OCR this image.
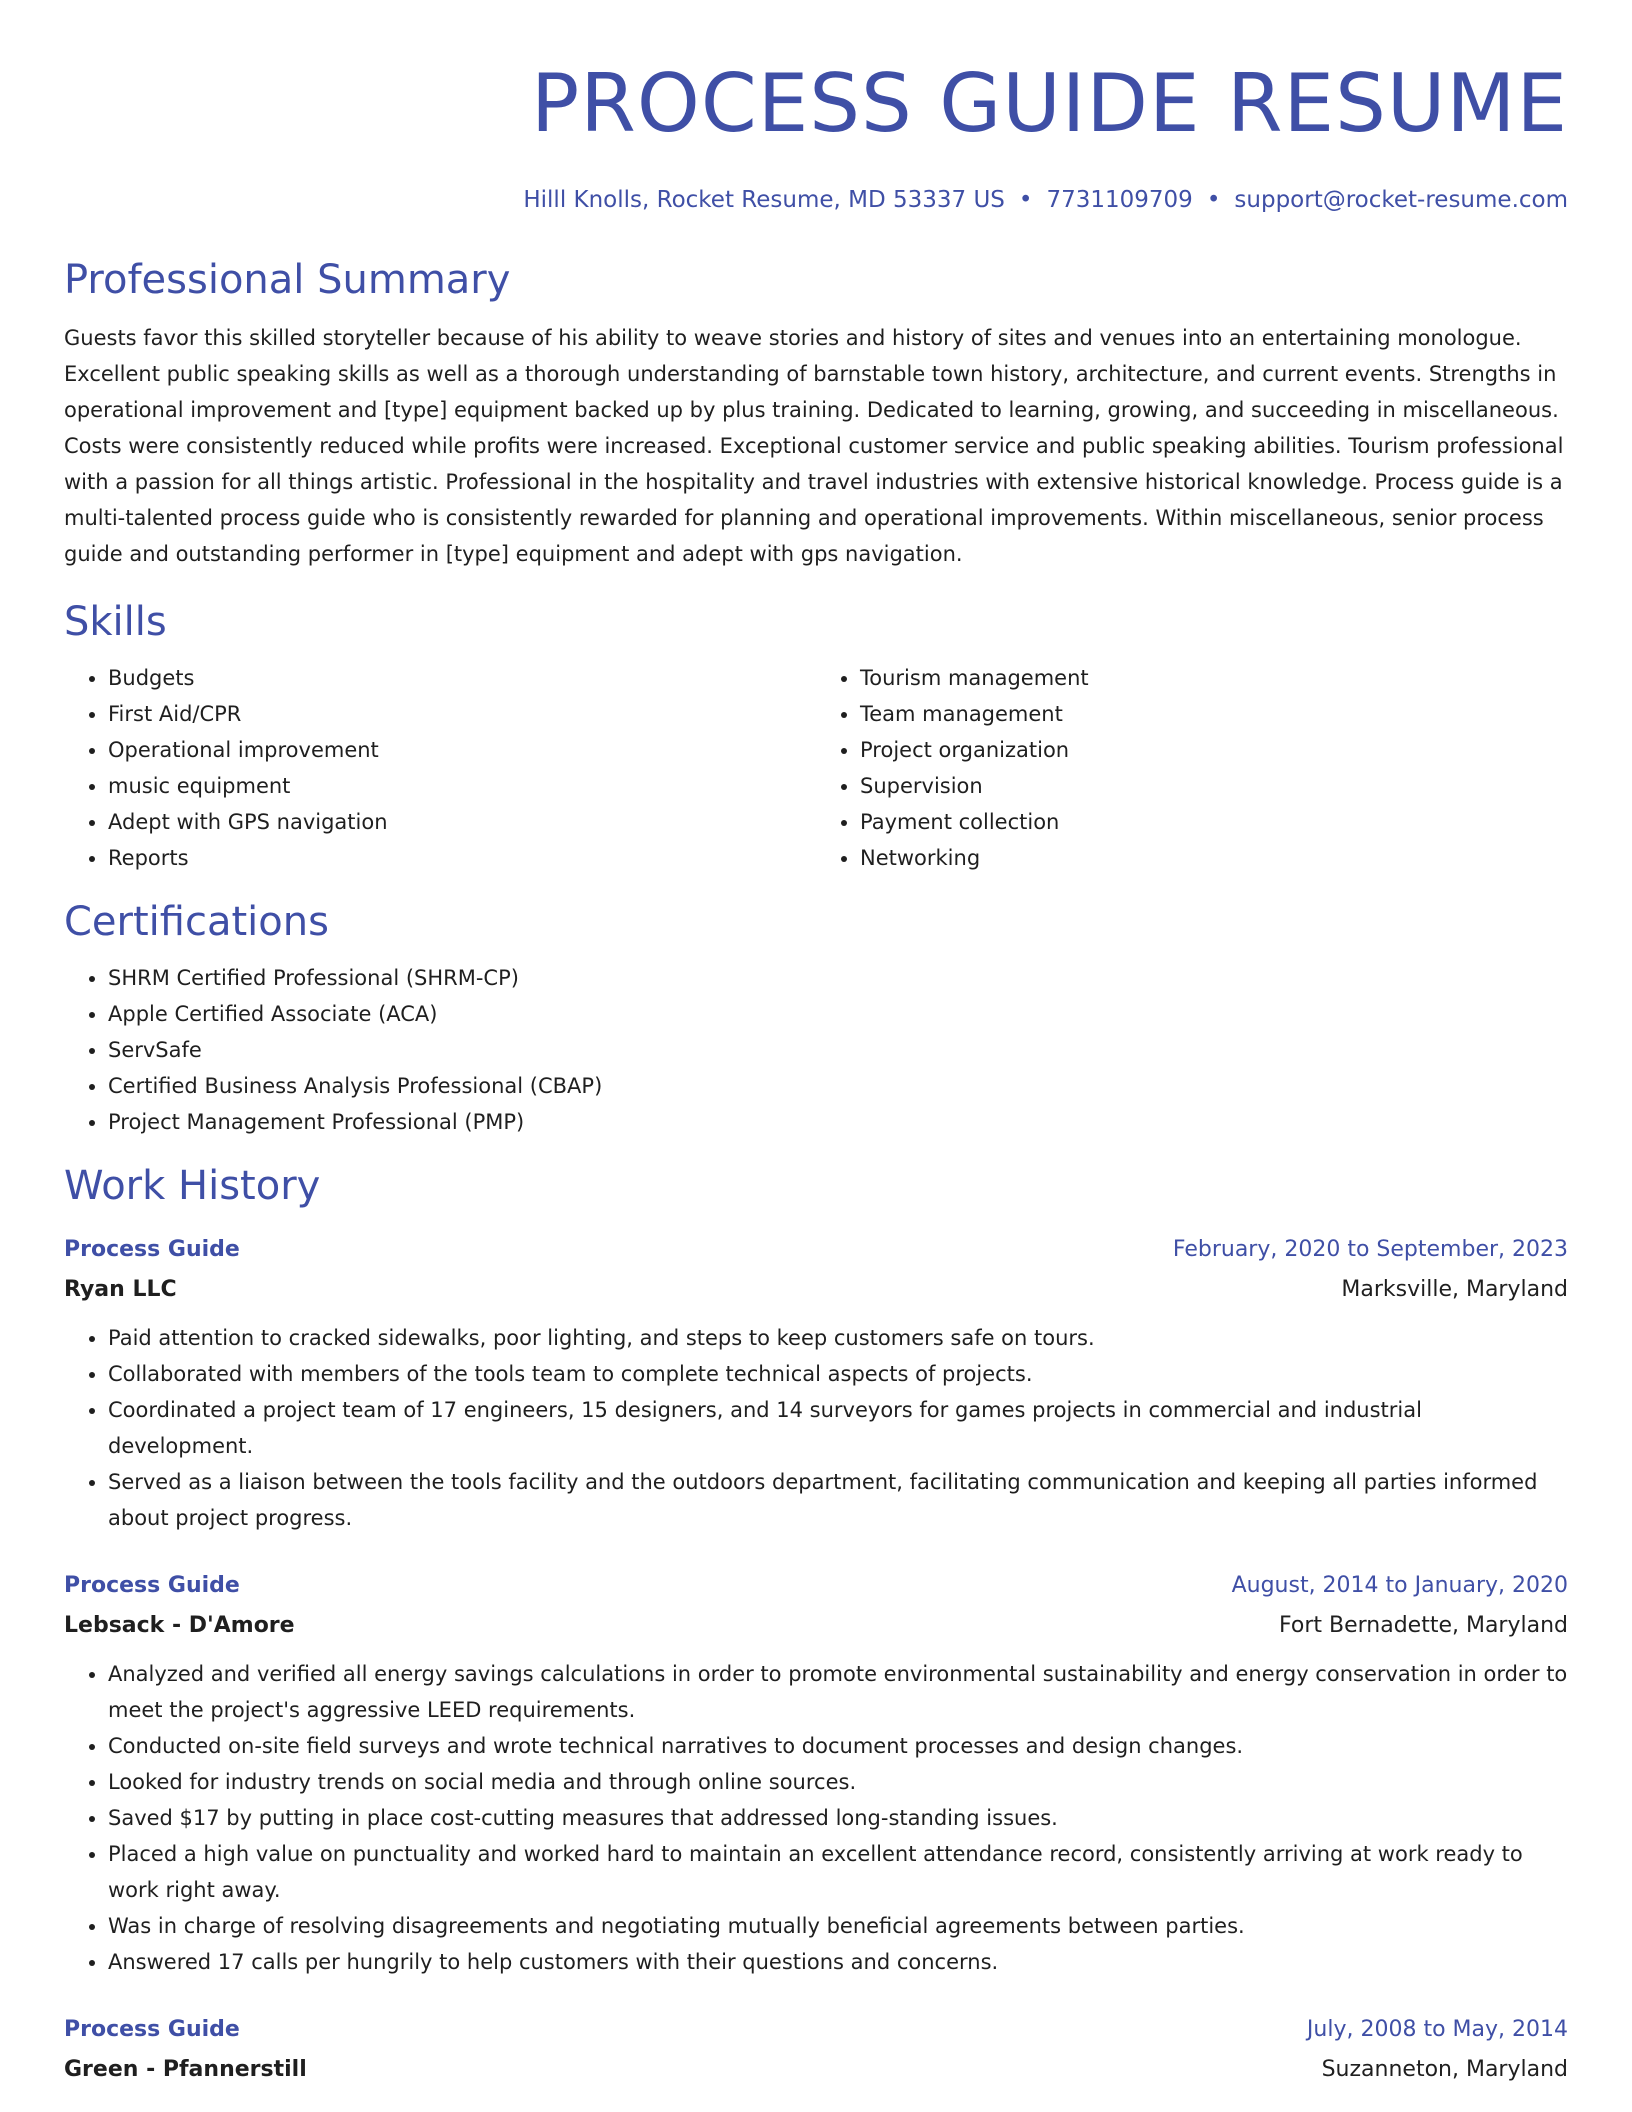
PROCESS GUIDE RESUME
Hilll Knolls, Rocket Resume, MD 53337 US • 7731109709 • support@rocket-resume.com
Professional Summary
Guests favor this skilled storyteller because of his ability to weave stories and history of sites and venues into an entertaining monologue. Excellent public speaking skills as well as a thorough understanding of barnstable town history, architecture, and current events. Strengths in operational improvement and [type] equipment backed up by plus training. Dedicated to learning, growing, and succeeding in miscellaneous. Costs were consistently reduced while profits were increased. Exceptional customer service and public speaking abilities. Tourism professional with a passion for all things artistic. Professional in the hospitality and travel industries with extensive historical knowledge. Process guide is a multi-talented process guide who is consistently rewarded for planning and operational improvements. Within miscellaneous, senior process guide and outstanding performer in [type] equipment and adept with gps navigation.
Skills
• Budgets
• First Aid/CPR
• Operational improvement
• music equipment
• Adept with GPS navigation
• Reports
• Tourism management
• Team management
• Project organization
• Supervision
• Payment collection
• Networking
Certifications
• SHRM Certified Professional (SHRM-CP)
• Apple Certified Associate (ACA)
• ServSafe
• Certified Business Analysis Professional (CBAP)
• Project Management Professional (PMP)
Work History
Process Guide	February, 2020 to September, 2023
Ryan LLC	Marksville, Maryland
• Paid attention to cracked sidewalks, poor lighting, and steps to keep customers safe on tours.
• Collaborated with members of the tools team to complete technical aspects of projects.
• Coordinated a project team of 17 engineers, 15 designers, and 14 surveyors for games projects in commercial and industrial development.
• Served as a liaison between the tools facility and the outdoors department, facilitating communication and keeping all parties informed about project progress.
Process Guide	August, 2014 to January, 2020
Lebsack - D'Amore	Fort Bernadette, Maryland
• Analyzed and verified all energy savings calculations in order to promote environmental sustainability and energy conservation in order to meet the project's aggressive LEED requirements.
• Conducted on-site field surveys and wrote technical narratives to document processes and design changes.
• Looked for industry trends on social media and through online sources.
• Saved $17 by putting in place cost-cutting measures that addressed long-standing issues.
• Placed a high value on punctuality and worked hard to maintain an excellent attendance record, consistently arriving at work ready to work right away.
• Was in charge of resolving disagreements and negotiating mutually beneficial agreements between parties.
• Answered 17 calls per hungrily to help customers with their questions and concerns.
Process Guide	July, 2008 to May, 2014
Green - Pfannerstill	Suzanneton, Maryland
